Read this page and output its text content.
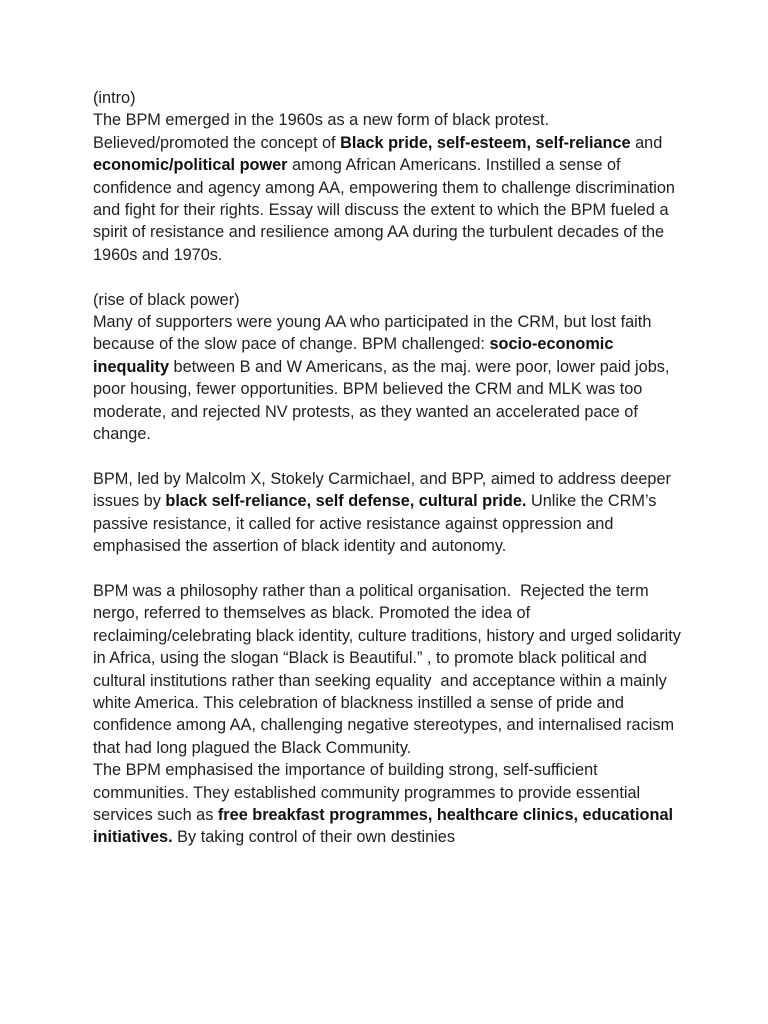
(intro)

The BPM emerged in the 1960s as a new form of black protest. Believed/promoted the concept of Black pride, self-esteem, self-reliance and economic/political power among African Americans. Instilled a sense of confidence and agency among AA, empowering them to challenge discrimination and fight for their rights. Essay will discuss the extent to which the BPM fueled a spirit of resistance and resilience among AA during the turbulent decades of the 1960s and 1970s.

(rise of black power)

Many of supporters were young AA who participated in the CRM, but lost faith because of the slow pace of change. BPM challenged: socio-economic inequality between B and W Americans, as the maj. were poor, lower paid jobs, poor housing, fewer opportunities. BPM believed the CRM and MLK was too moderate, and rejected NV protests, as they wanted an accelerated pace of change.

BPM, led by Malcolm X, Stokely Carmichael, and BPP, aimed to address deeper issues by black self-reliance, self defense, cultural pride. Unlike the CRM’s passive resistance, it called for active resistance against oppression and emphasised the assertion of black identity and autonomy.

BPM was a philosophy rather than a political organisation.  Rejected the term nergo, referred to themselves as black. Promoted the idea of reclaiming/celebrating black identity, culture traditions, history and urged solidarity in Africa, using the slogan “Black is Beautiful.” , to promote black political and cultural institutions rather than seeking equality  and acceptance within a mainly white America. This celebration of blackness instilled a sense of pride and confidence among AA, challenging negative stereotypes, and internalised racism that had long plagued the Black Community.

The BPM emphasised the importance of building strong, self-sufficient communities. They established community programmes to provide essential services such as free breakfast programmes, healthcare clinics, educational initiatives. By taking control of their own destinies
